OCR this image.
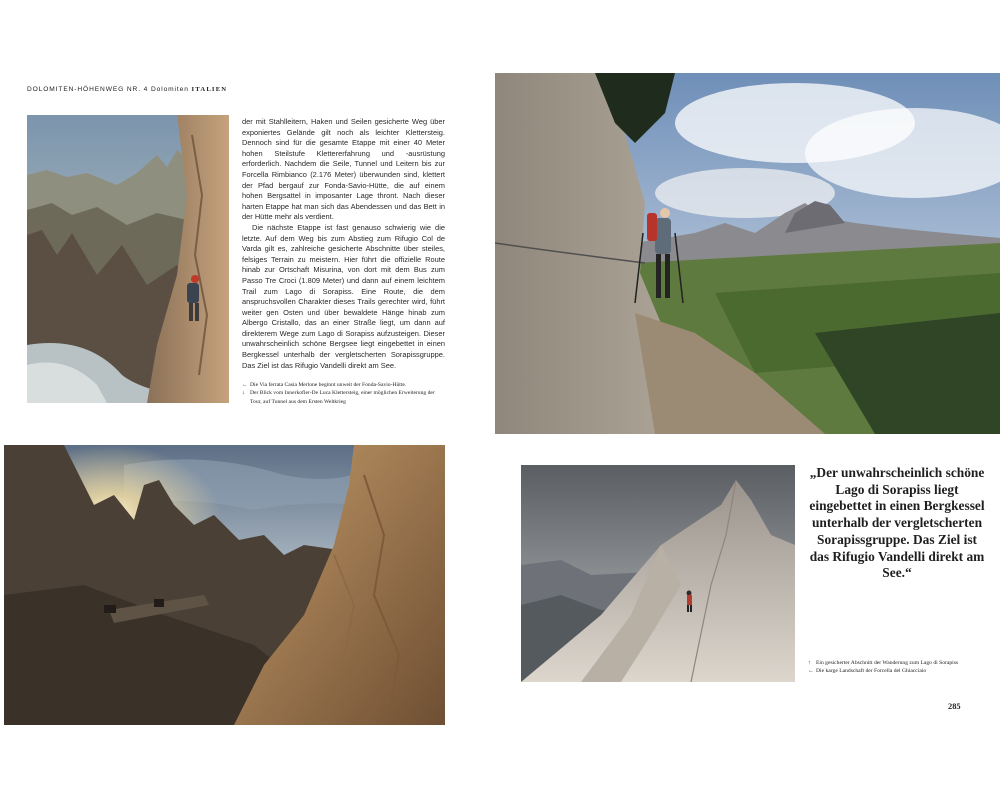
DOLOMITEN-HÖHENWEG NR. 4 Dolomiten ITALIEN

der mit Stahlleitern, Haken und Seilen gesicherte Weg über exponiertes Gelände gilt noch als leichter Klettersteig. Dennoch sind für die gesamte Etappe mit einer 40 Meter hohen Steilstufe Klettererfahrung und -ausrüstung erforderlich. Nachdem die Seile, Tunnel und Leitern bis zur Forcella Rimbianco (2.176 Meter) überwunden sind, klettert der Pfad bergauf zur Fonda-Savio-Hütte, die auf einem hohen Bergsattel in imposanter Lage thront. Nach dieser harten Etappe hat man sich das Abendessen und das Bett in der Hütte mehr als verdient.

Die nächste Etappe ist fast genauso schwierig wie die letzte. Auf dem Weg bis zum Abstieg zum Rifugio Col de Varda gilt es, zahlreiche gesicherte Abschnitte über steiles, felsiges Terrain zu meistern. Hier führt die offizielle Route hinab zur Ortschaft Misurina, von dort mit dem Bus zum Passo Tre Croci (1.809 Meter) und dann auf einem leichtem Trail zum Lago di Sorapiss. Eine Route, die dem anspruchsvollen Charakter dieses Trails gerechter wird, führt weiter gen Osten und über bewaldete Hänge hinab zum Albergo Cristallo, das an einer Straße liegt, um dann auf direkterem Wege zum Lago di Sorapiss aufzusteigen. Dieser unwahrscheinlich schöne Bergsee liegt eingebettet in einen Bergkessel unterhalb der vergletscherten Sorapissgruppe. Das Ziel ist das Rifugio Vandelli direkt am See.

← Die Via ferrata Casia Merlone beginnt unweit der Fonda-Savio-Hütte.
↓ Der Blick vom Innerkofler-De Luca Klettersteig, einer möglichen Erweiterung der Tour, auf Tunnel aus dem Ersten Weltkrieg
„Der unwahrscheinlich schöne Lago di Sorapiss liegt eingebettet in einen Bergkessel unterhalb der vergletscherten Sorapissgruppe. Das Ziel ist das Rifugio Vandelli direkt am See.“
↑ Ein gesicherter Abschnitt der Wanderung zum Lago di Sorapiss
← Die karge Landschaft der Forcella del Ghiacciaio
285
